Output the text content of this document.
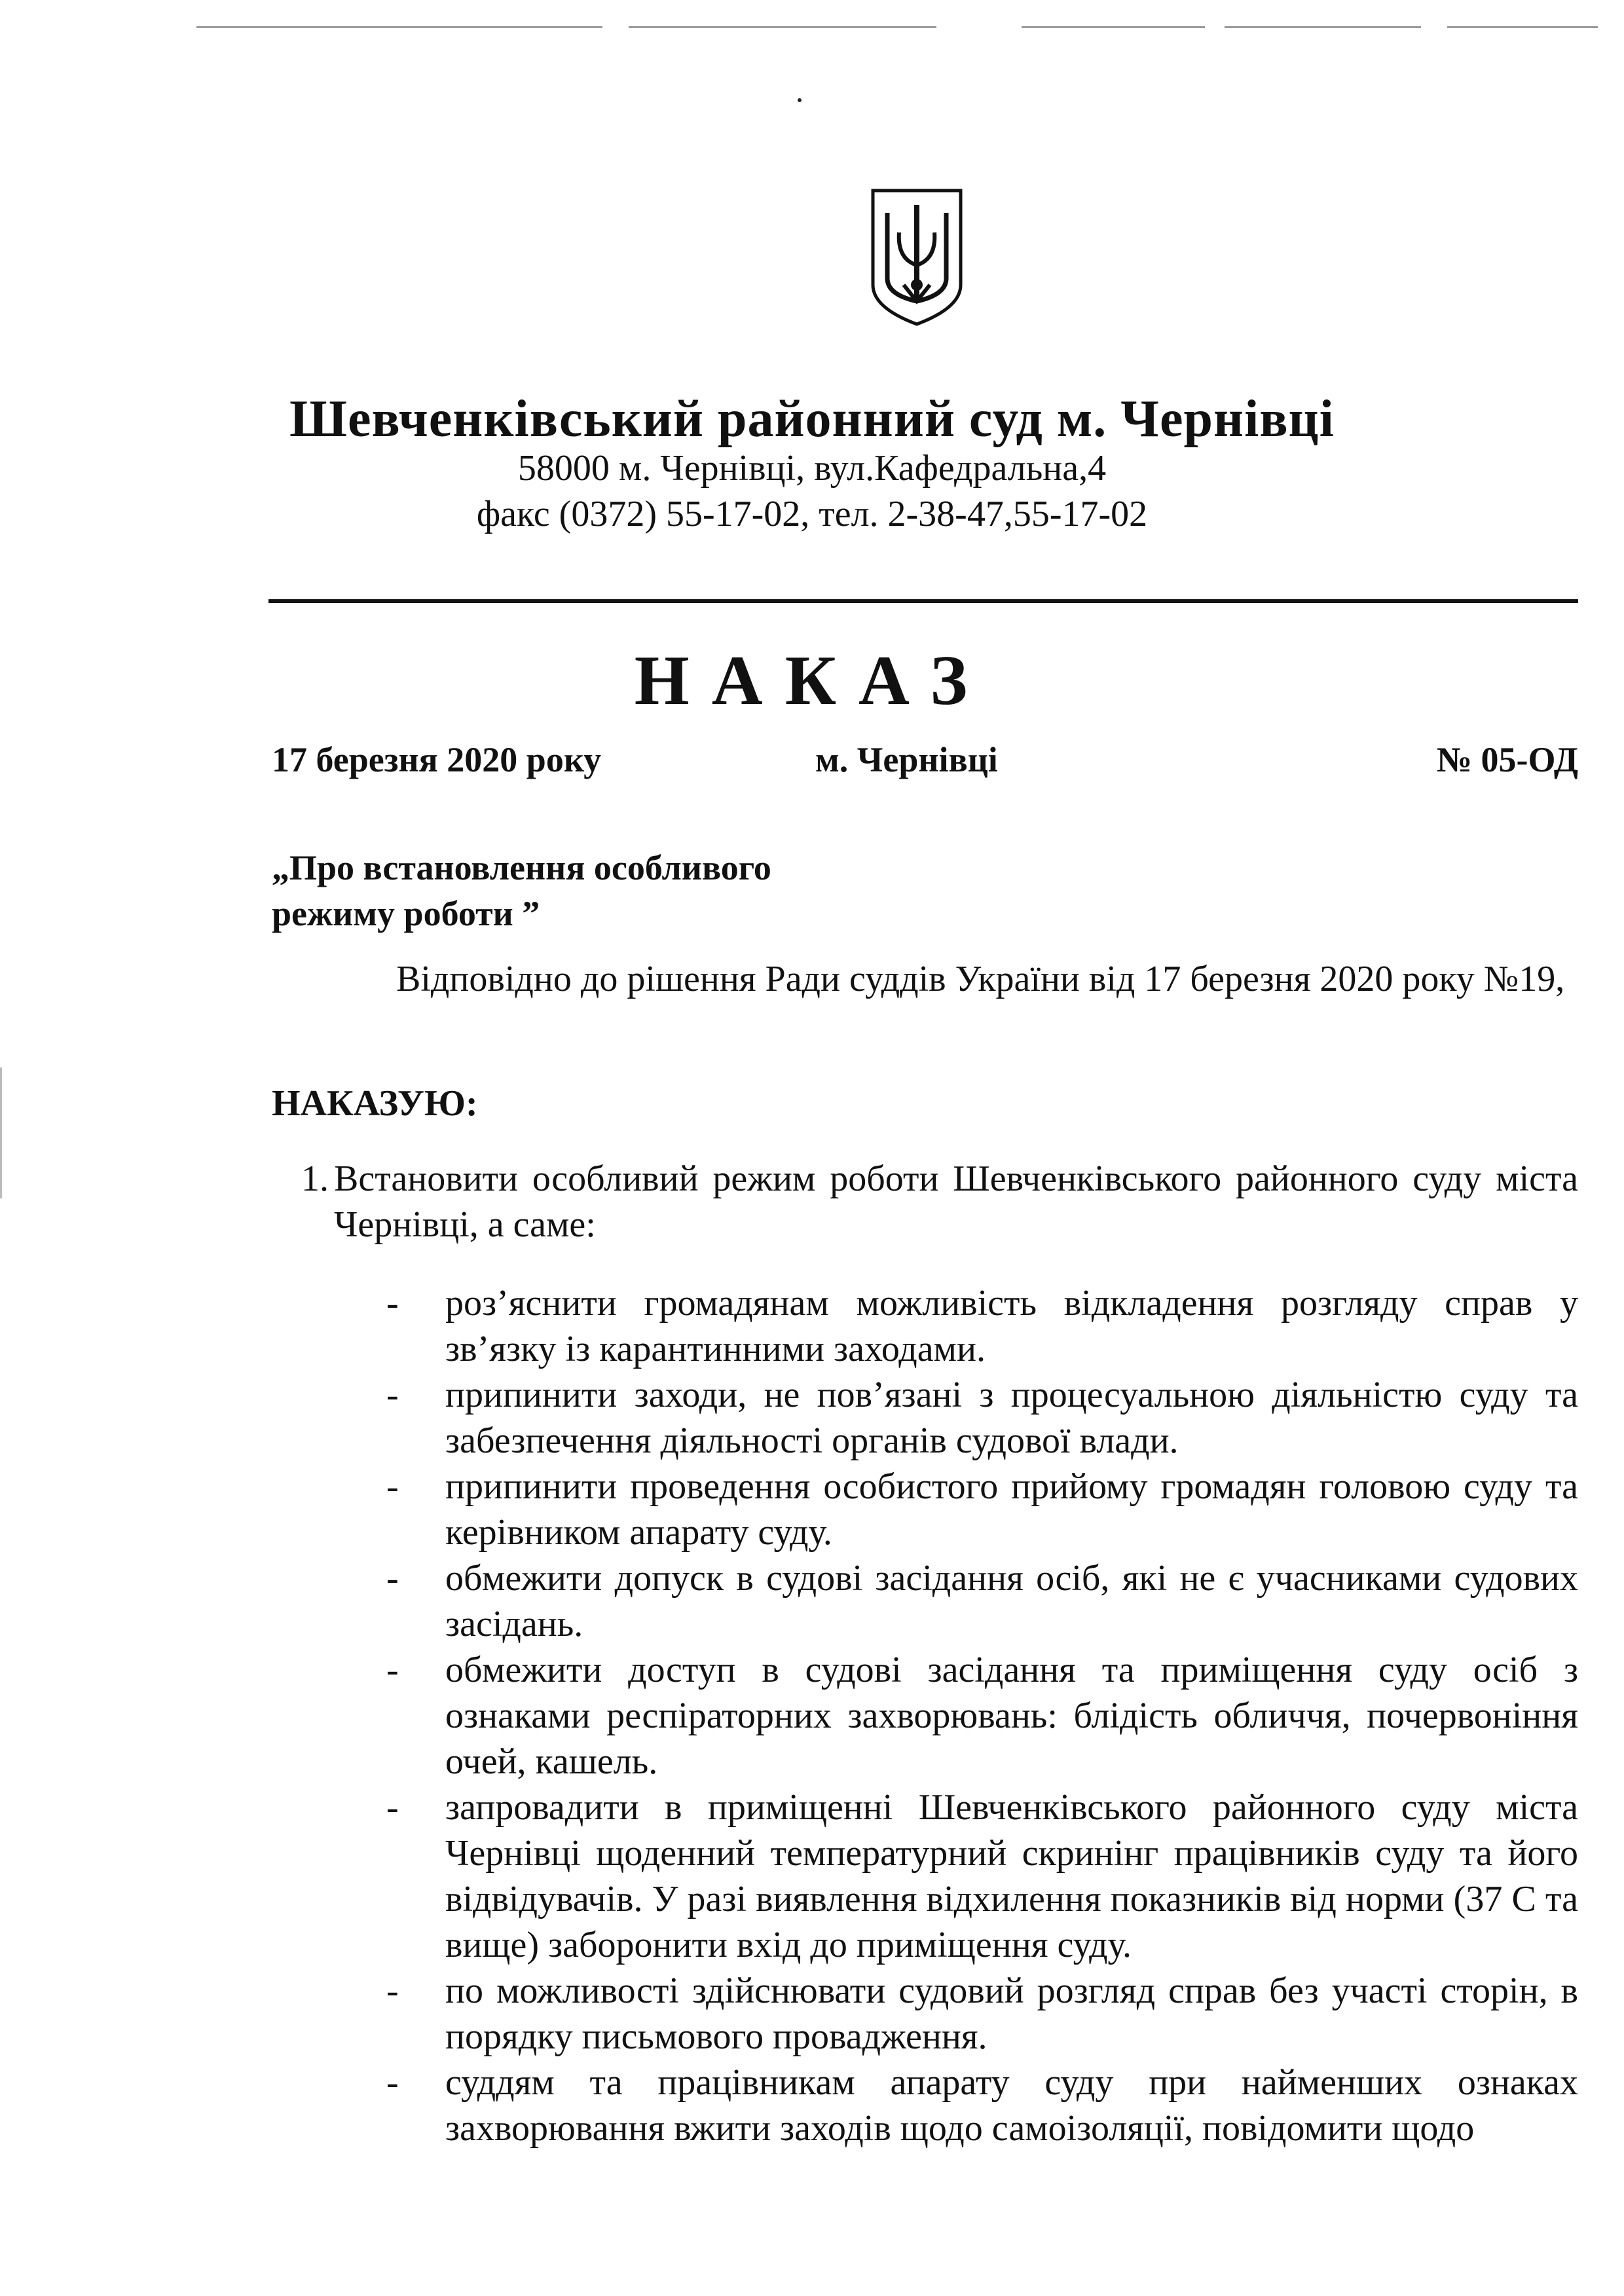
Шевченківський районний суд м. Чернівці
58000 м. Чернівці, вул.Кафедральна,4
факс (0372) 55-17-02, тел. 2-38-47,55-17-02
НАКАЗ
17 березня 2020 року	м. Чернівці	№ 05-ОД
„Про встановлення особливого
режиму роботи ”
Відповідно до рішення Ради суддів України від 17 березня 2020 року №19,
НАКАЗУЮ:
1. Встановити особливий режим роботи Шевченківського районного суду міста Чернівці, а саме:
- роз’яснити громадянам можливість відкладення розгляду справ у зв’язку із карантинними заходами.
- припинити заходи, не пов’язані з процесуальною діяльністю суду та забезпечення діяльності органів судової влади.
- припинити проведення особистого прийому громадян головою суду та керівником апарату суду.
- обмежити допуск в судові засідання осіб, які не є учасниками судових засідань.
- обмежити доступ в судові засідання та приміщення суду осіб з ознаками респіраторних захворювань: блідість обличчя, почервоніння очей, кашель.
- запровадити в приміщенні Шевченківського районного суду міста Чернівці щоденний температурний скринінг працівників суду та його відвідувачів. У разі виявлення відхилення показників від норми (37 С та вище) заборонити вхід до приміщення суду.
- по можливості здійснювати судовий розгляд справ без участі сторін, в порядку письмового провадження.
- суддям та працівникам апарату суду при найменших ознаках захворювання вжити заходів щодо самоізоляції, повідомити щодо
